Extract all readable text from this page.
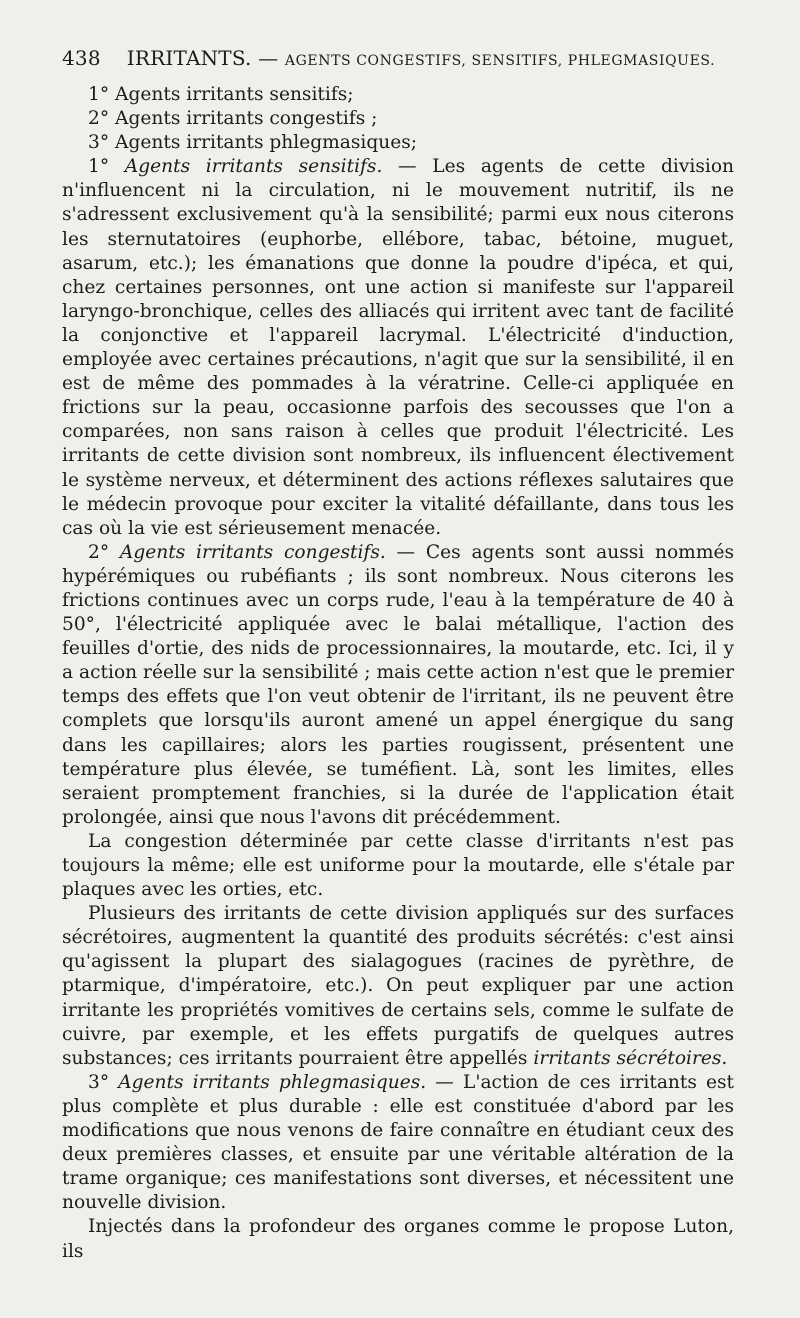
438 IRRITANTS. — AGENTS CONGESTIFS, SENSITIFS, PHLEGMASIQUES.

1° Agents irritants sensitifs;

2° Agents irritants congestifs ;

3° Agents irritants phlegmasiques;

1° Agents irritants sensitifs. — Les agents de cette division n'influencent ni la circulation, ni le mouvement nutritif, ils ne s'adressent exclusivement qu'à la sensibilité; parmi eux nous citerons les sternutatoires (euphorbe, ellébore, tabac, bétoine, muguet, asarum, etc.); les émanations que donne la poudre d'ipéca, et qui, chez certaines personnes, ont une action si manifeste sur l'appareil laryngo-bronchique, celles des alliacés qui irritent avec tant de facilité la conjonctive et l'appareil lacrymal. L'électricité d'induction, employée avec certaines précautions, n'agit que sur la sensibilité, il en est de même des pommades à la vératrine. Celle-ci appliquée en frictions sur la peau, occasionne parfois des secousses que l'on a comparées, non sans raison à celles que produit l'électricité. Les irritants de cette division sont nombreux, ils influencent électivement le système nerveux, et déterminent des actions réflexes salutaires que le médecin provoque pour exciter la vitalité défaillante, dans tous les cas où la vie est sérieusement menacée.

2° Agents irritants congestifs. — Ces agents sont aussi nommés hypérémiques ou rubéfiants ; ils sont nombreux. Nous citerons les frictions continues avec un corps rude, l'eau à la température de 40 à 50°, l'électricité appliquée avec le balai métallique, l'action des feuilles d'ortie, des nids de processionnaires, la moutarde, etc. Ici, il y a action réelle sur la sensibilité ; mais cette action n'est que le premier temps des effets que l'on veut obtenir de l'irritant, ils ne peuvent être complets que lorsqu'ils auront amené un appel énergique du sang dans les capillaires; alors les parties rougissent, présentent une température plus élevée, se tuméfient. Là, sont les limites, elles seraient promptement franchies, si la durée de l'application était prolongée, ainsi que nous l'avons dit précédemment.

La congestion déterminée par cette classe d'irritants n'est pas toujours la même; elle est uniforme pour la moutarde, elle s'étale par plaques avec les orties, etc.

Plusieurs des irritants de cette division appliqués sur des surfaces sécrétoires, augmentent la quantité des produits sécrétés: c'est ainsi qu'agissent la plupart des sialagogues (racines de pyrèthre, de ptarmique, d'impératoire, etc.). On peut expliquer par une action irritante les propriétés vomitives de certains sels, comme le sulfate de cuivre, par exemple, et les effets purgatifs de quelques autres substances; ces irritants pourraient être appellés irritants sécrétoires.

3° Agents irritants phlegmasiques. — L'action de ces irritants est plus complète et plus durable : elle est constituée d'abord par les modifications que nous venons de faire connaître en étudiant ceux des deux premières classes, et ensuite par une véritable altération de la trame organique; ces manifestations sont diverses, et nécessitent une nouvelle division.

Injectés dans la profondeur des organes comme le propose Luton, ils
